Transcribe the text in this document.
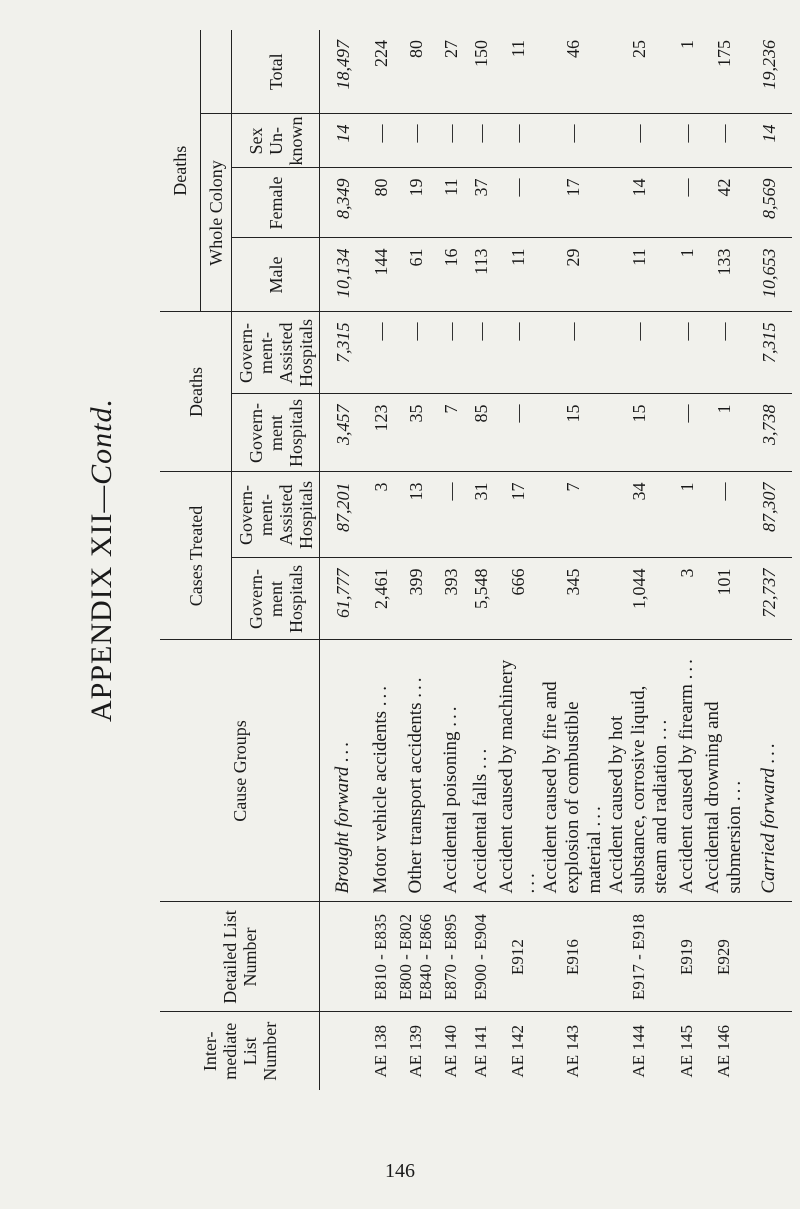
APPENDIX XII—Contd.
Inter-mediate List Number	Detailed List Number	Cause Groups	Cases Treated		Deaths		Deaths			
							Whole Colony			
			Govern-ment Hospitals	Govern-ment-Assisted Hospitals	Govern-ment Hospitals	Govern-ment-Assisted Hospitals	Male	Female	Sex Un-known	Total
		Brought forward ...	61,777	87,201	3,457	7,315	10,134	8,349	14	18,497
AE 138	E810 - E835	Motor vehicle accidents ...	2,461	3	123	—	144	80	—	224
AE 139	E800 - E802 E840 - E866	Other transport accidents ...	399	13	35	—	61	19	—	80
AE 140	E870 - E895	Accidental poisoning ...	393	—	7	—	16	11	—	27
AE 141	E900 - E904	Accidental falls ...	5,548	31	85	—	113	37	—	150
AE 142	E912	Accident caused by machinery ...	666	17	—	—	11	—	—	11
AE 143	E916	Accident caused by fire and explosion of combustible material ...	345	7	15	—	29	17	—	46
AE 144	E917 - E918	Accident caused by hot substance, corrosive liquid, steam and radiation ...	1,044	34	15	—	11	14	—	25
AE 145	E919	Accident caused by firearm ...	3	1	—	—	1	—	—	1
AE 146	E929	Accidental drowning and submersion ...	101	—	1	—	133	42	—	175
		Carried forward ...	72,737	87,307	3,738	7,315	10,653	8,569	14	19,236
146
